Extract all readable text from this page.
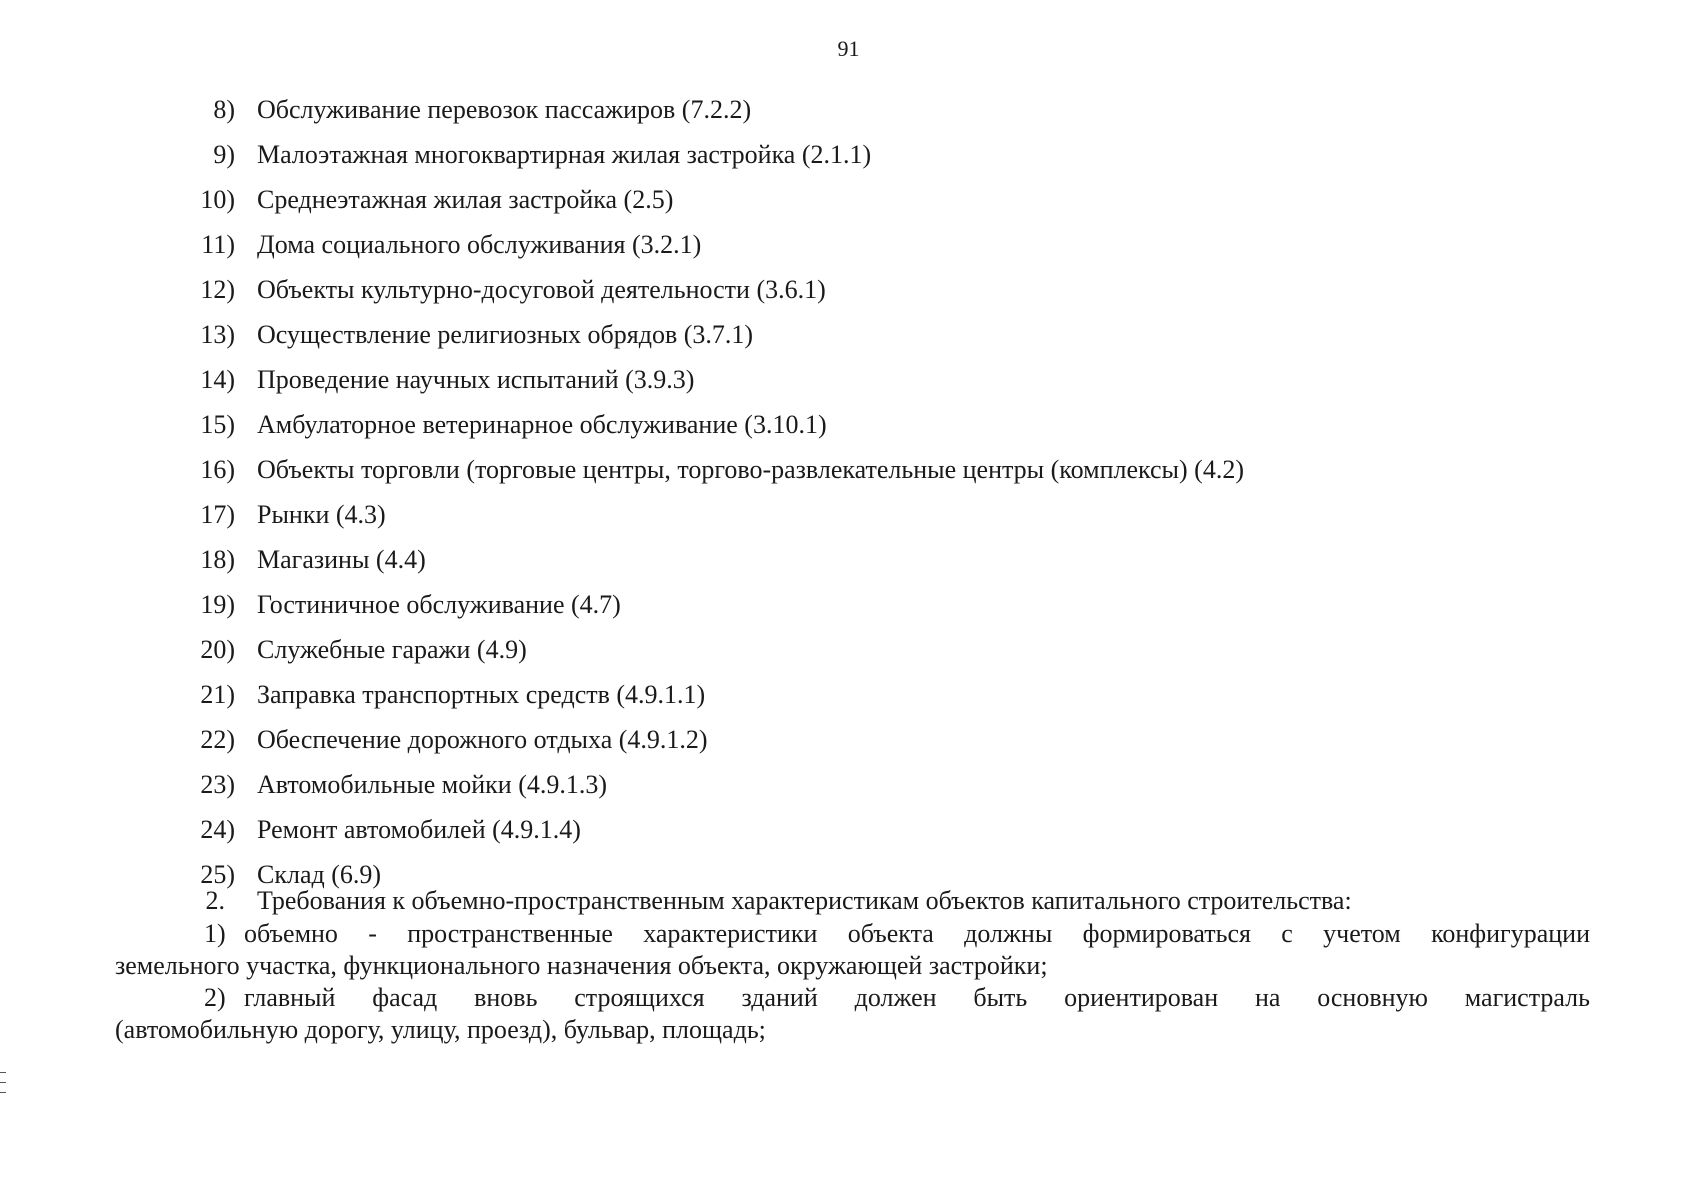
91
8) Обслуживание перевозок пассажиров (7.2.2)
9) Малоэтажная многоквартирная жилая застройка (2.1.1)
10) Среднеэтажная жилая застройка (2.5)
11) Дома социального обслуживания (3.2.1)
12) Объекты культурно-досуговой деятельности (3.6.1)
13) Осуществление религиозных обрядов (3.7.1)
14) Проведение научных испытаний (3.9.3)
15) Амбулаторное ветеринарное обслуживание (3.10.1)
16) Объекты торговли (торговые центры, торгово-развлекательные центры (комплексы) (4.2)
17) Рынки (4.3)
18) Магазины (4.4)
19) Гостиничное обслуживание (4.7)
20) Служебные гаражи (4.9)
21) Заправка транспортных средств (4.9.1.1)
22) Обеспечение дорожного отдыха (4.9.1.2)
23) Автомобильные мойки (4.9.1.3)
24) Ремонт автомобилей (4.9.1.4)
25) Склад (6.9)
2. Требования к объемно-пространственным характеристикам объектов капитального строительства:
1) объемно - пространственные характеристики объекта должны формироваться с учетом конфигурации
земельного участка, функционального назначения объекта, окружающей застройки;
2) главный фасад вновь строящихся зданий должен быть ориентирован на основную магистраль
(автомобильную дорогу, улицу, проезд), бульвар, площадь;
